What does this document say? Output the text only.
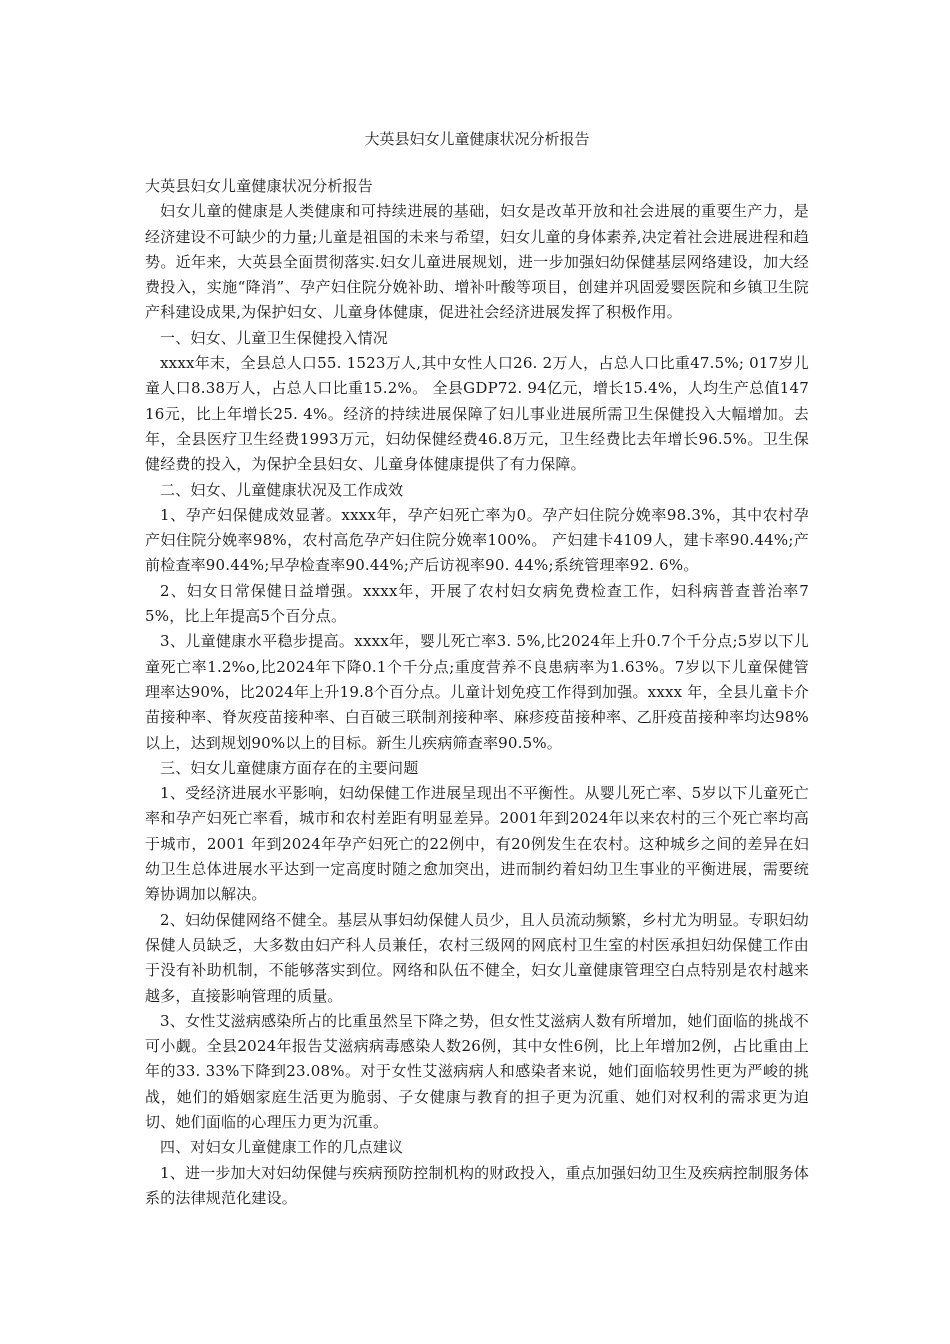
大英县妇女儿童健康状况分析报告

大英县妇女儿童健康状况分析报告

妇女儿童的健康是人类健康和可持续进展的基础，妇女是改革开放和社会进展的重要生产力，是经济建设不可缺少的力量;儿童是祖国的未来与希望，妇女儿童的身体素养,决定着社会进展进程和趋势。近年来，大英县全面贯彻落实.妇女儿童进展规划，进一步加强妇幼保健基层网络建设，加大经费投入，实施“降消”、孕产妇住院分娩补助、增补叶酸等项目，创建并巩固爱婴医院和乡镇卫生院产科建设成果,为保护妇女、儿童身体健康，促进社会经济进展发挥了积极作用。

一、妇女、儿童卫生保健投入情况

xxxx年末，全县总人口55. 1523万人,其中女性人口26. 2万人，占总人口比重47.5%; 017岁儿童人口8.38万人，占总人口比重15.2%。 全县GDP72. 94亿元，增长15.4%，人均生产总值14716元，比上年增长25. 4%。经济的持续进展保障了妇儿事业进展所需卫生保健投入大幅增加。去年，全县医疗卫生经费1993万元，妇幼保健经费46.8万元，卫生经费比去年增长96.5%。卫生保健经费的投入，为保护全县妇女、儿童身体健康提供了有力保障。

二、妇女、儿童健康状况及工作成效

1、孕产妇保健成效显著。xxxx年，孕产妇死亡率为0。孕产妇住院分娩率98.3%，其中农村孕产妇住院分娩率98%，农村高危孕产妇住院分娩率100%。 产妇建卡4109人，建卡率90.44%;产前检查率90.44%;早孕检查率90.44%;产后访视率90. 44%;系统管理率92. 6%。

2、妇女日常保健日益增强。xxxx年，开展了农村妇女病免费检查工作，妇科病普查普治率75%，比上年提高5个百分点。

3、儿童健康水平稳步提高。xxxx年，婴儿死亡率3. 5%,比2024年上升0.7个千分点;5岁以下儿童死亡率1.2%o,比2024年下降0.1个千分点;重度营养不良患病率为1.63%。7岁以下儿童保健管理率达90%，比2024年上升19.8个百分点。儿童计划免疫工作得到加强。xxxx 年，全县儿童卡介苗接种率、脊灰疫苗接种率、白百破三联制剂接种率、麻疹疫苗接种率、乙肝疫苗接种率均达98%以上，达到规划90%以上的目标。新生儿疾病筛查率90.5%。

三、妇女儿童健康方面存在的主要问题

1、受经济进展水平影响，妇幼保健工作进展呈现出不平衡性。从婴儿死亡率、5岁以下儿童死亡率和孕产妇死亡率看，城市和农村差距有明显差异。2001年到2024年以来农村的三个死亡率均高于城市，2001 年到2024年孕产妇死亡的22例中，有20例发生在农村。这种城乡之间的差异在妇幼卫生总体进展水平达到一定高度时随之愈加突出，进而制约着妇幼卫生事业的平衡进展，需要统筹协调加以解决。

2、妇幼保健网络不健全。基层从事妇幼保健人员少，且人员流动频繁，乡村尤为明显。专职妇幼保健人员缺乏，大多数由妇产科人员兼任，农村三级网的网底村卫生室的村医承担妇幼保健工作由于没有补助机制，不能够落实到位。网络和队伍不健全，妇女儿童健康管理空白点特别是农村越来越多，直接影响管理的质量。

3、女性艾滋病感染所占的比重虽然呈下降之势，但女性艾滋病人数有所增加，她们面临的挑战不可小觑。全县2024年报告艾滋病病毒感染人数26例，其中女性6例，比上年增加2例，占比重由上年的33. 33%下降到23.08%。对于女性艾滋病病人和感染者来说，她们面临较男性更为严峻的挑战，她们的婚姻家庭生活更为脆弱、子女健康与教育的担子更为沉重、她们对权利的需求更为迫切、她们面临的心理压力更为沉重。

四、对妇女儿童健康工作的几点建议

1、进一步加大对妇幼保健与疾病预防控制机构的财政投入，重点加强妇幼卫生及疾病控制服务体系的法律规范化建设。
